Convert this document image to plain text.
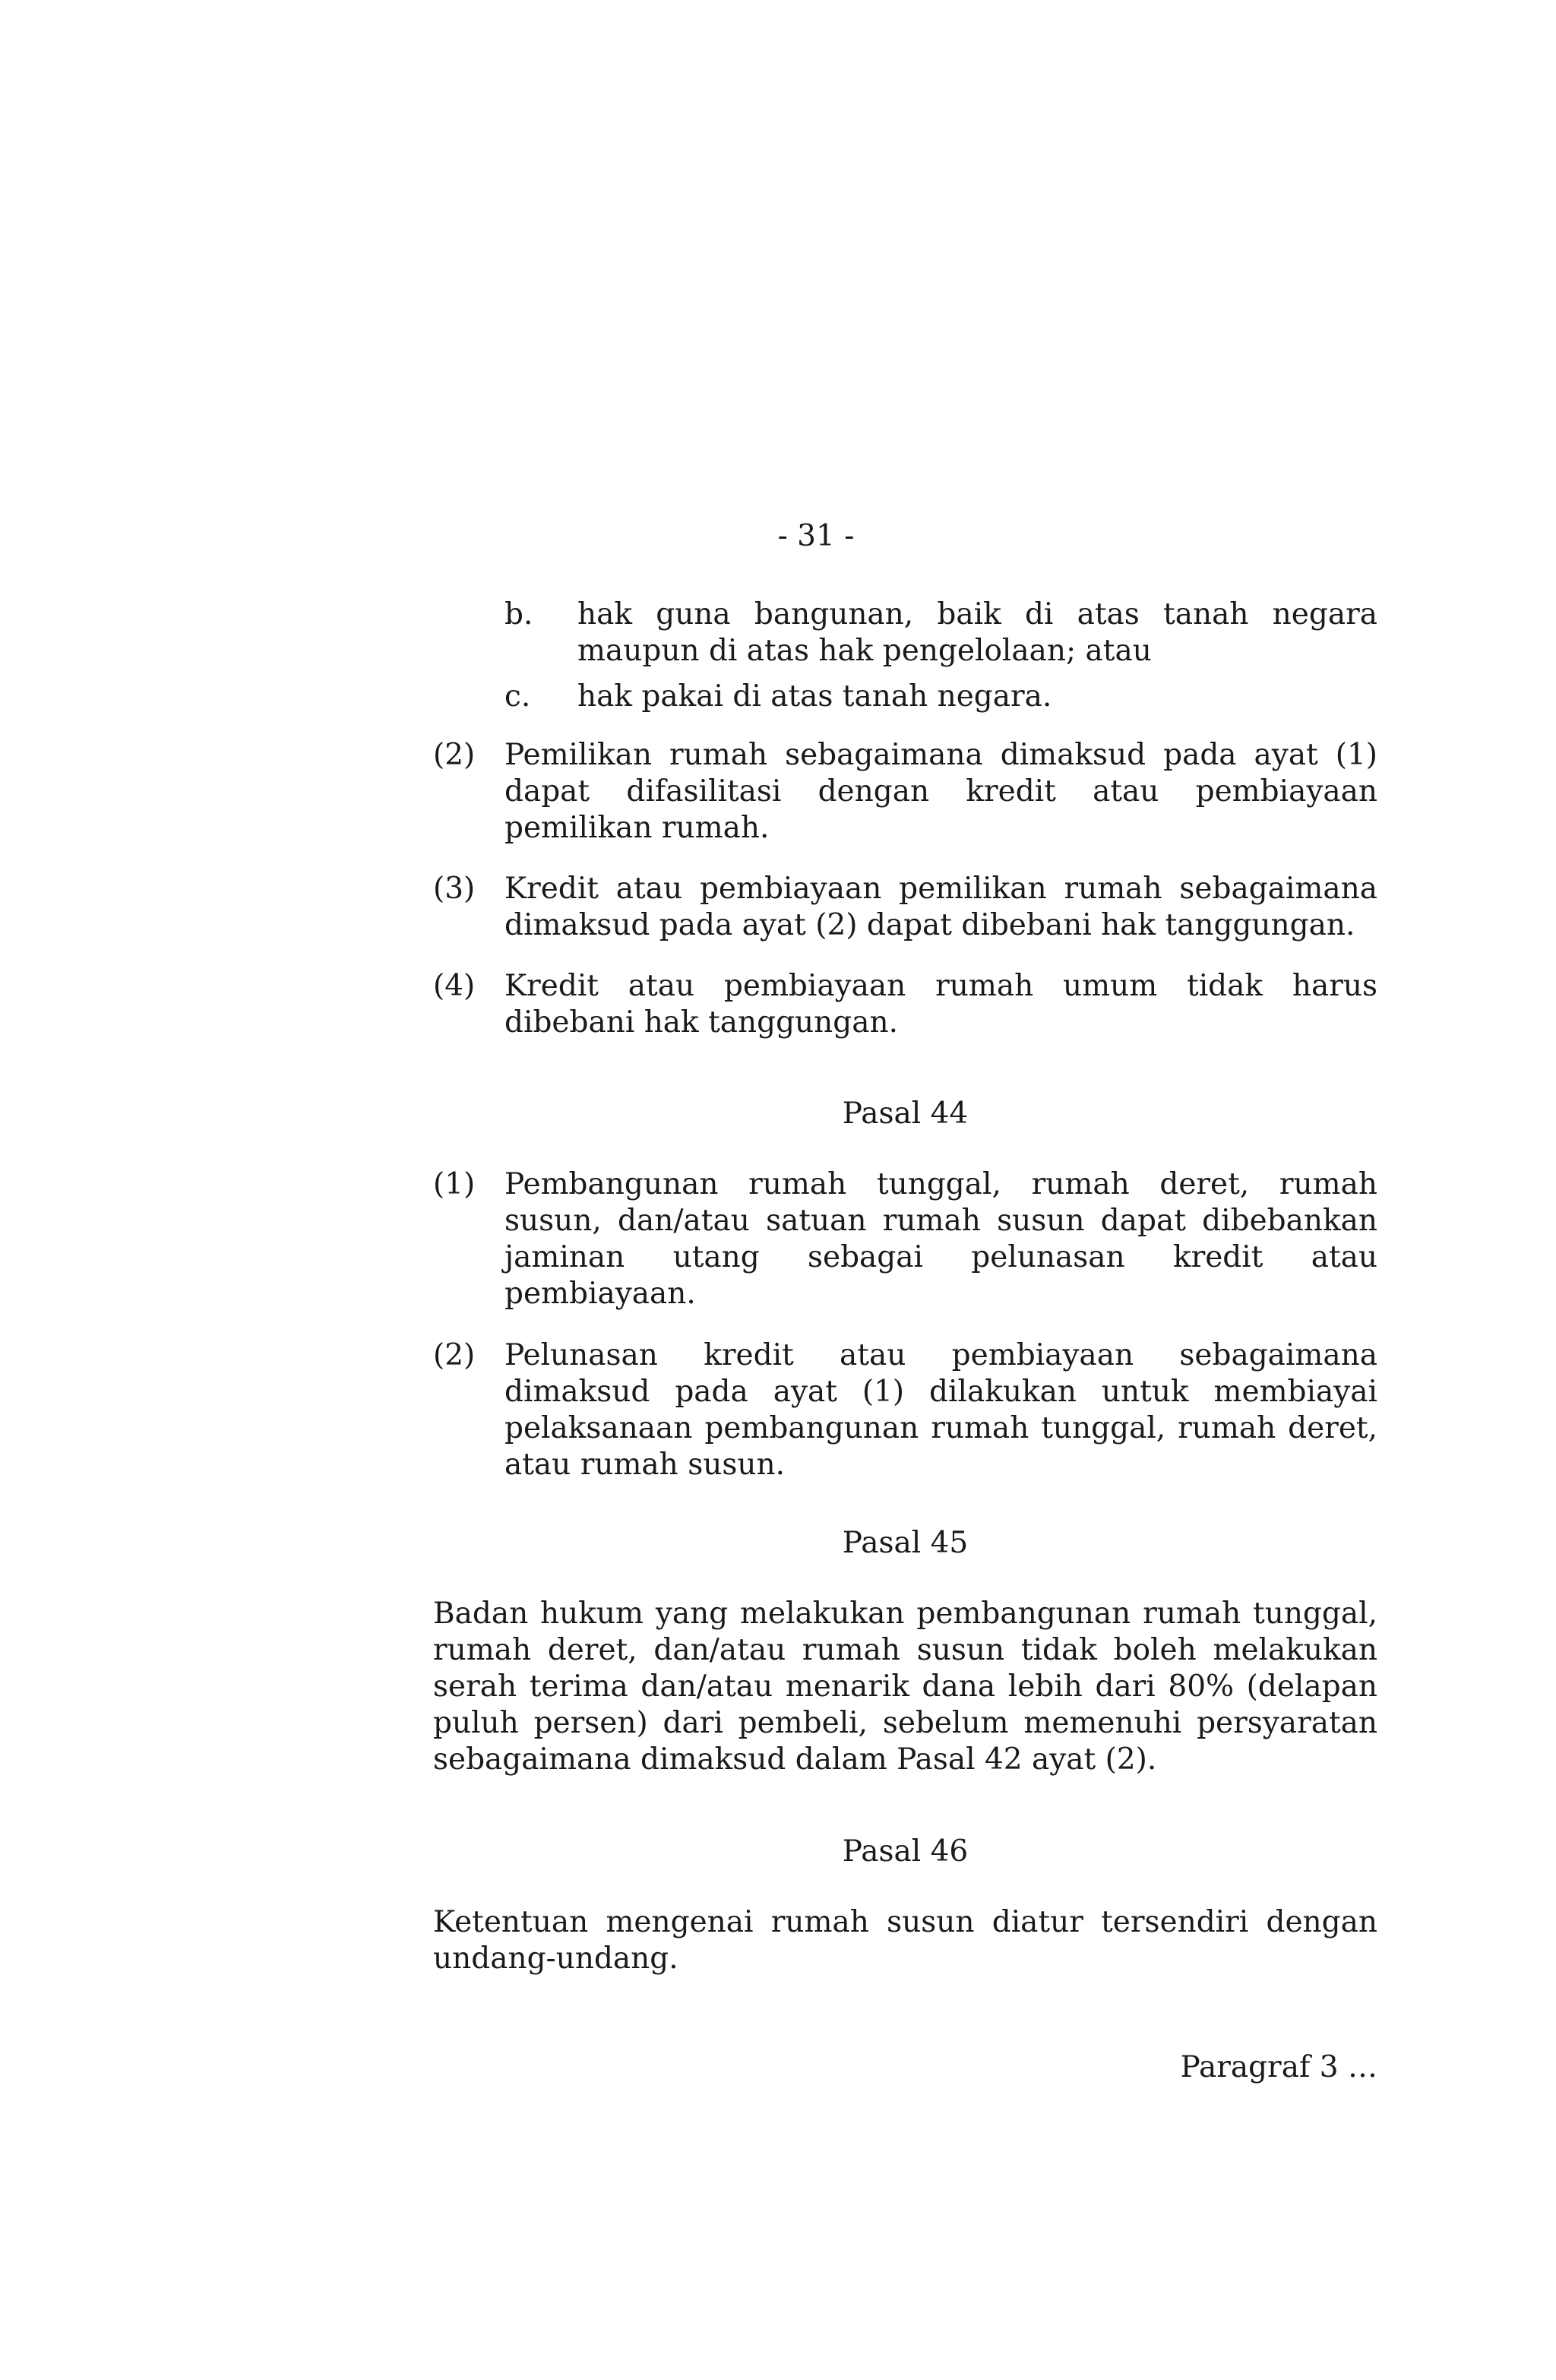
- 31 -
b.	hak guna bangunan, baik di atas tanah negara maupun di atas hak pengelolaan; atau
c.	hak pakai di atas tanah negara.
(2) Pemilikan rumah sebagaimana dimaksud pada ayat (1) dapat difasilitasi dengan kredit atau pembiayaan pemilikan rumah.
(3) Kredit atau pembiayaan pemilikan rumah sebagaimana dimaksud pada ayat (2) dapat dibebani hak tanggungan.
(4) Kredit atau pembiayaan rumah umum tidak harus dibebani hak tanggungan.
Pasal 44
(1) Pembangunan rumah tunggal, rumah deret, rumah susun, dan/atau satuan rumah susun dapat dibebankan jaminan utang sebagai pelunasan kredit atau pembiayaan.
(2) Pelunasan kredit atau pembiayaan sebagaimana dimaksud pada ayat (1) dilakukan untuk membiayai pelaksanaan pembangunan rumah tunggal, rumah deret, atau rumah susun.
Pasal 45
Badan hukum yang melakukan pembangunan rumah tunggal, rumah deret, dan/atau rumah susun tidak boleh melakukan serah terima dan/atau menarik dana lebih dari 80% (delapan puluh persen) dari pembeli, sebelum memenuhi persyaratan sebagaimana dimaksud dalam Pasal 42 ayat (2).
Pasal 46
Ketentuan mengenai rumah susun diatur tersendiri dengan undang-undang.
Paragraf 3 …
